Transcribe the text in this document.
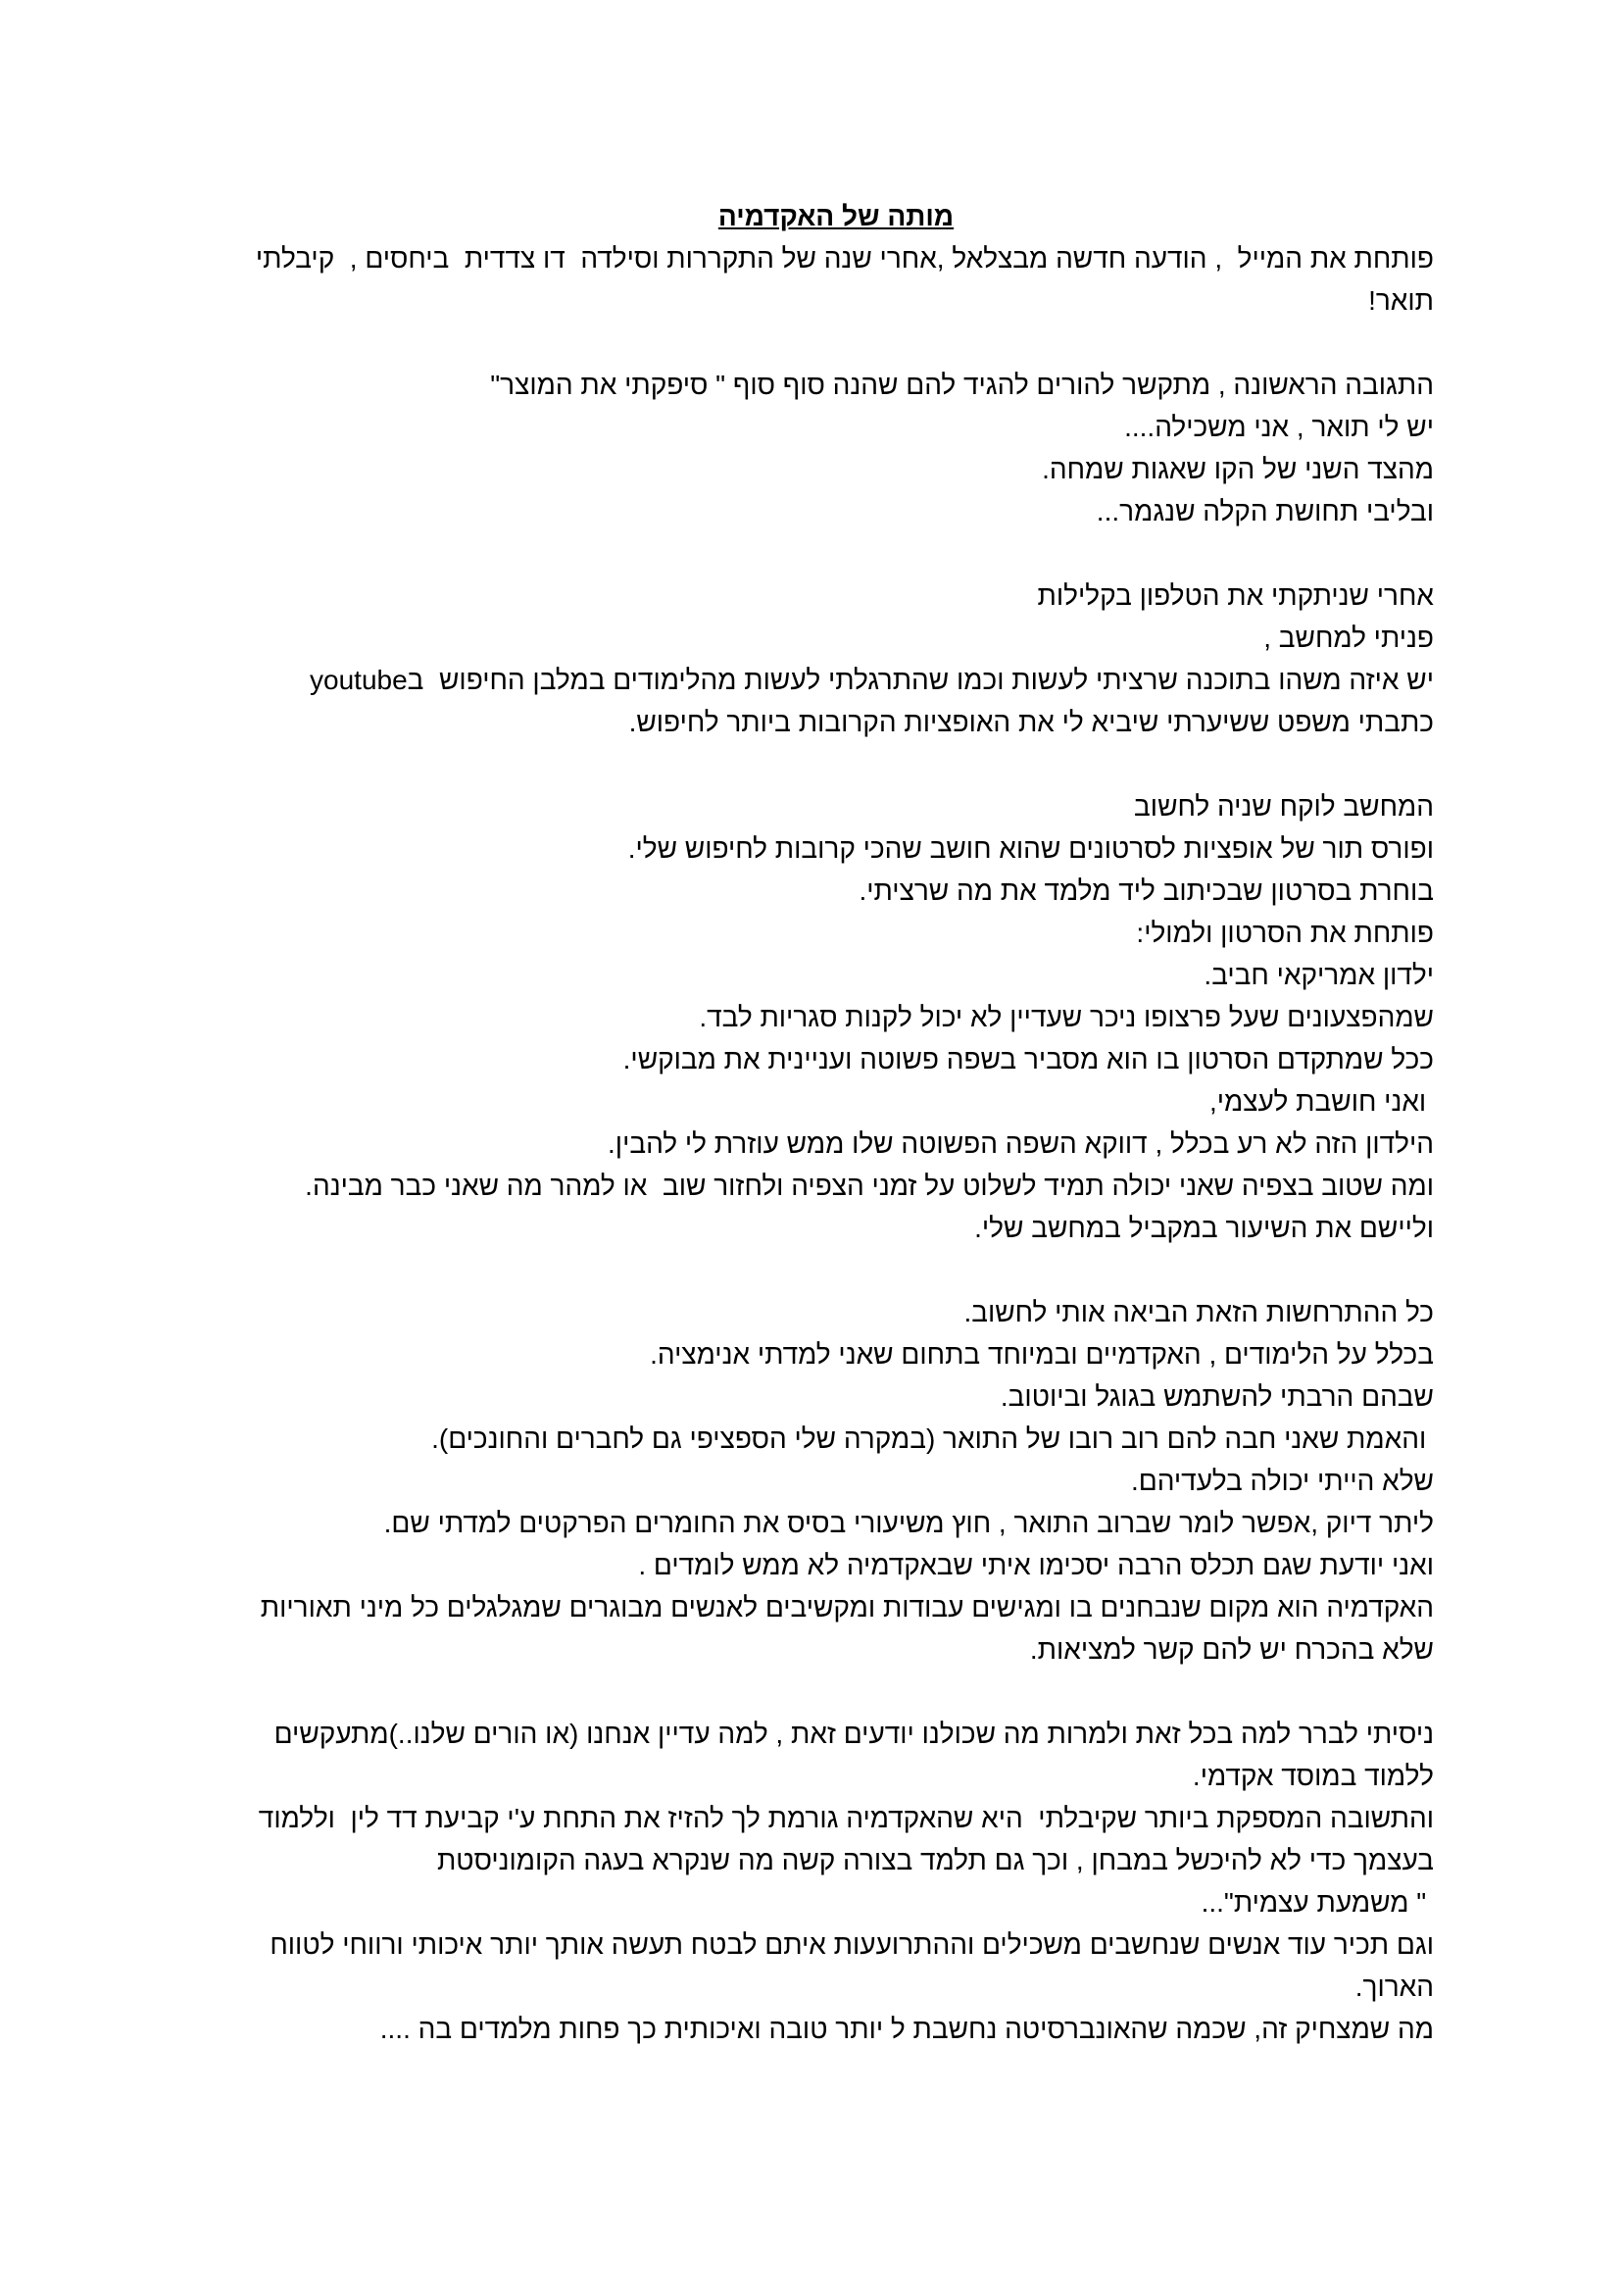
מותה של האקדמיה

פותחת את המייל  , הודעה חדשה מבצלאל ,אחרי שנה של התקררות וסילדה  דו צדדית  ביחסים ,  קיבלתי
תואר!
התגובה הראשונה , מתקשר להורים להגיד להם שהנה סוף סוף " סיפקתי את המוצר"
יש לי תואר , אני משכילה....
מהצד השני של הקו שאגות שמחה.
ובליבי תחושת הקלה שנגמר...
אחרי שניתקתי את הטלפון בקלילות
פניתי למחשב ,
יש איזה משהו בתוכנה שרציתי לעשות וכמו שהתרגלתי לעשות מהלימודים במלבן החיפוש  בyoutube
כתבתי משפט ששיערתי שיביא לי את האופציות הקרובות ביותר לחיפוש.
המחשב לוקח שניה לחשוב
ופורס תור של אופציות לסרטונים שהוא חושב שהכי קרובות לחיפוש שלי.
בוחרת בסרטון שבכיתוב ליד מלמד את מה שרציתי.
פותחת את הסרטון ולמולי:
ילדון אמריקאי חביב.
שמהפצעונים שעל פרצופו ניכר שעדיין לא יכול לקנות סגריות לבד.
ככל שמתקדם הסרטון בו הוא מסביר בשפה פשוטה ועניינית את מבוקשי.
ואני חושבת לעצמי,
הילדון הזה לא רע בכלל , דווקא השפה הפשוטה שלו ממש עוזרת לי להבין.
ומה שטוב בצפיה שאני יכולה תמיד לשלוט על זמני הצפיה ולחזור שוב  או למהר מה שאני כבר מבינה.
וליישם את השיעור במקביל במחשב שלי.
כל ההתרחשות הזאת הביאה אותי לחשוב.
בכלל על הלימודים , האקדמיים ובמיוחד בתחום שאני למדתי אנימציה.
שבהם הרבתי להשתמש בגוגל וביוטוב.
והאמת שאני חבה להם רוב רובו של התואר (במקרה שלי הספציפי גם לחברים והחונכים).
שלא הייתי יכולה בלעדיהם.
ליתר דיוק ,אפשר לומר שברוב התואר , חוץ משיעורי בסיס את החומרים הפרקטים למדתי שם.
ואני יודעת שגם תכלס הרבה יסכימו איתי שבאקדמיה לא ממש לומדים .
האקדמיה הוא מקום שנבחנים בו ומגישים עבודות ומקשיבים לאנשים מבוגרים שמגלגלים כל מיני תאוריות
שלא בהכרח יש להם קשר למציאות.
ניסיתי לברר למה בכל זאת ולמרות מה שכולנו יודעים זאת , למה עדיין אנחנו (או הורים שלנו..)מתעקשים
ללמוד במוסד אקדמי.
והתשובה המספקת ביותר שקיבלתי  היא שהאקדמיה גורמת לך להזיז את התחת ע'י קביעת דד לין  וללמוד
בעצמך כדי לא להיכשל במבחן , וכך גם תלמד בצורה קשה מה שנקרא בעגה הקומוניסטת
" משמעת עצמית"...
וגם תכיר עוד אנשים שנחשבים משכילים וההתרועעות איתם לבטח תעשה אותך יותר איכותי ורווחי לטווח
הארוך.
מה שמצחיק זה, שכמה שהאונברסיטה נחשבת ל יותר טובה ואיכותית כך פחות מלמדים בה ....
